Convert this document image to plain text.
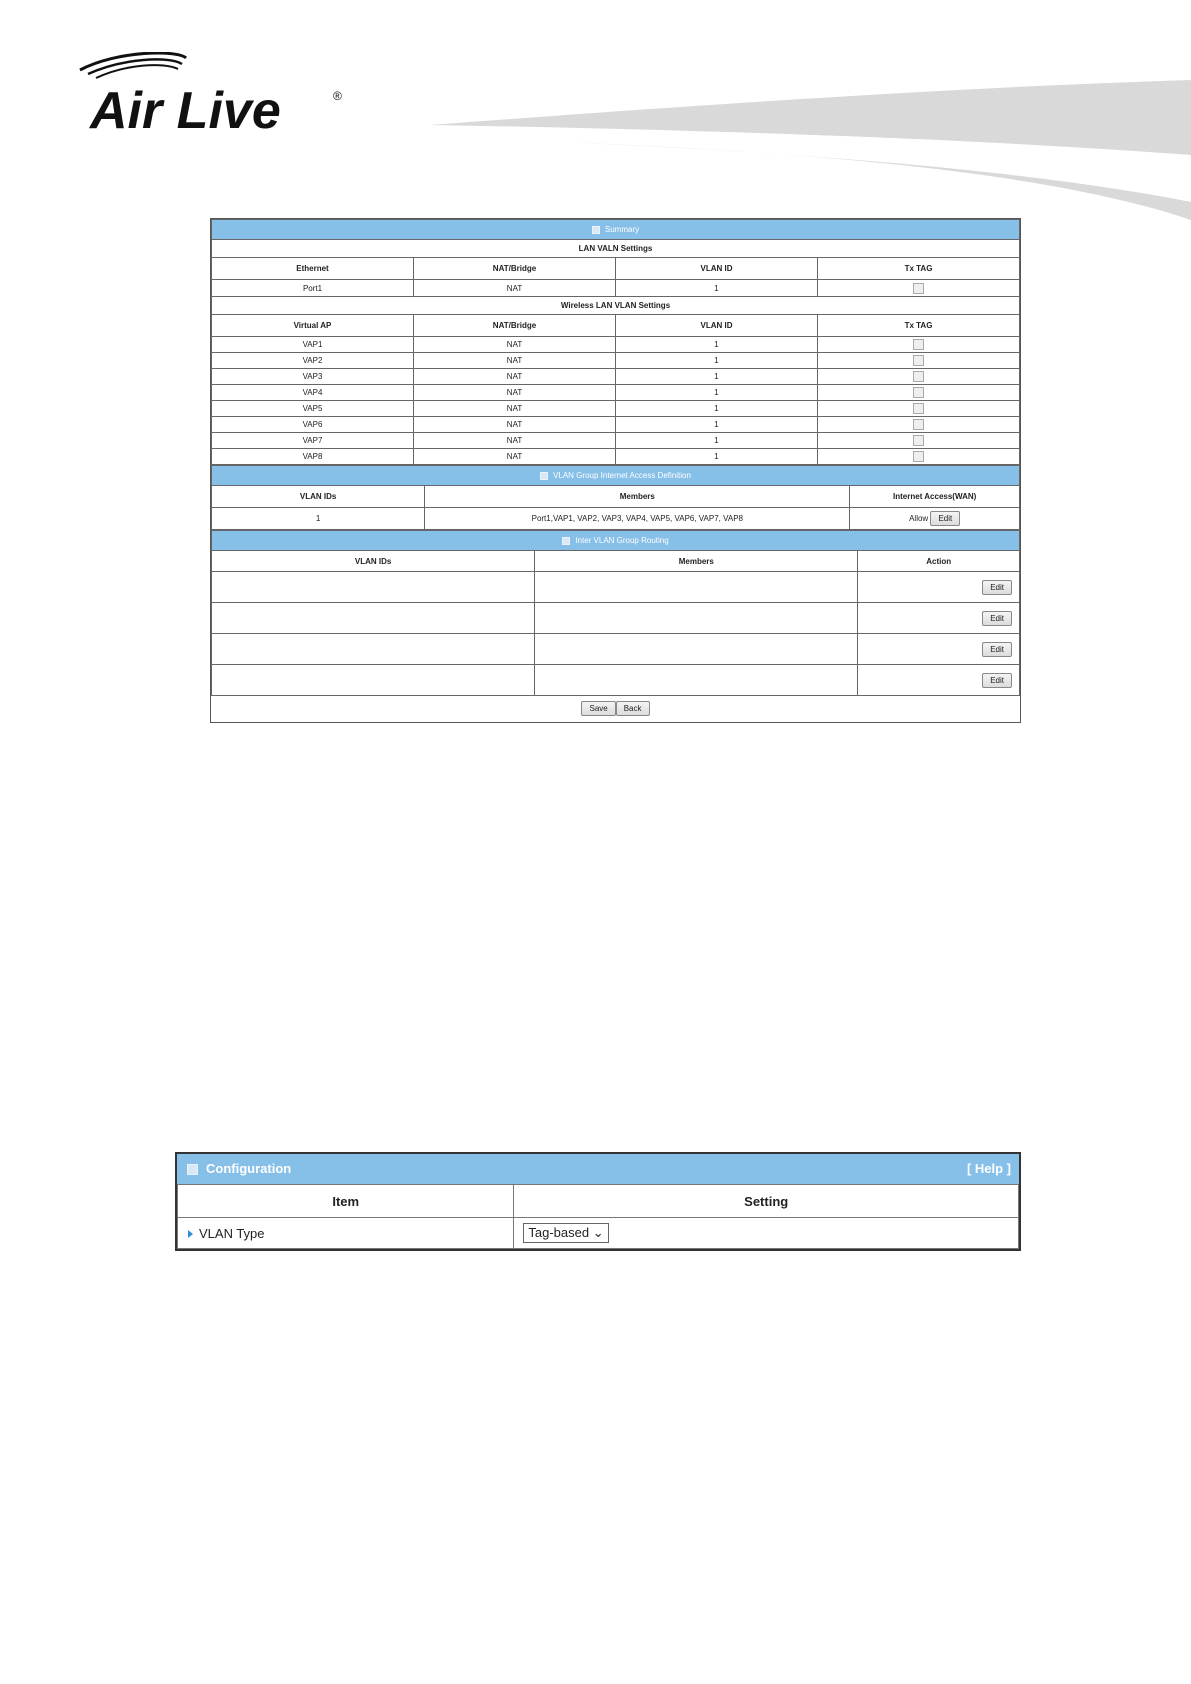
Air Live	®
Summary			
LAN VALN Settings			
Ethernet	NAT/Bridge	VLAN ID	Tx TAG
Port1	NAT	1	
Wireless LAN VLAN Settings			
Virtual AP	NAT/Bridge	VLAN ID	Tx TAG
VAP1	NAT	1	
VAP2	NAT	1	
VAP3	NAT	1	
VAP4	NAT	1	
VAP5	NAT	1	
VAP6	NAT	1	
VAP7	NAT	1	
VAP8	NAT	1	
VLAN Group Internet Access Definition		
VLAN IDs	Members	Internet Access(WAN)
1	Port1,VAP1, VAP2, VAP3, VAP4, VAP5, VAP6, VAP7, VAP8	Allow Edit
Inter VLAN Group Routing		
VLAN IDs	Members	Action
		Edit
		Edit
		Edit
		Edit
Save Back		
Configuration	[ Help ]
Item	Setting
VLAN Type	Tag-based ⌄
